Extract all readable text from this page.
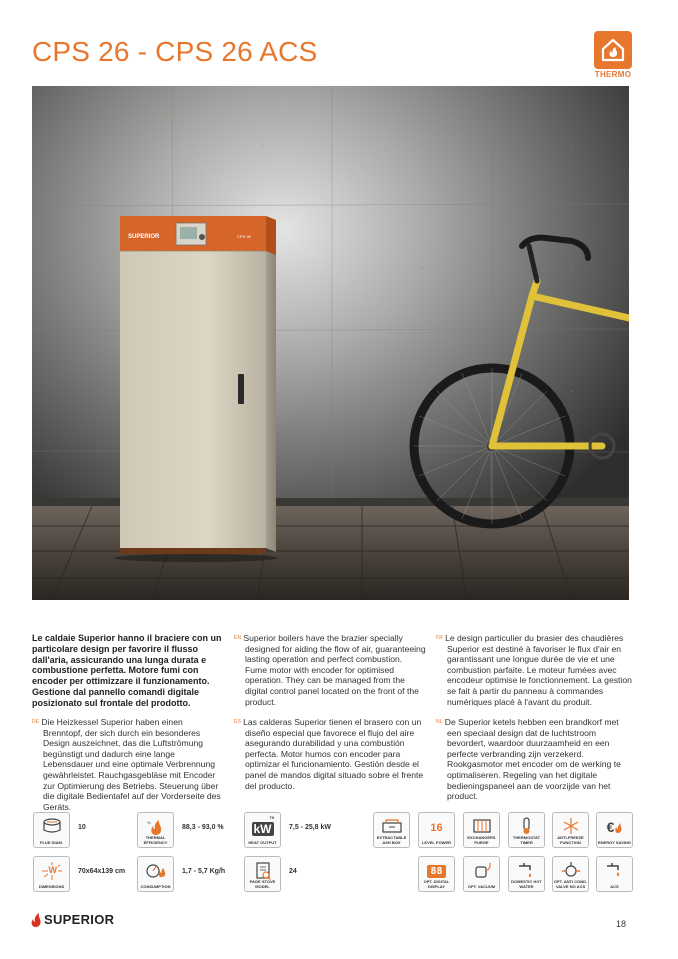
CPS 26 - CPS 26 ACS
THERMO
SUPERIOR	CPS 26
Le caldaie Superior hanno il braciere con un particolare design per favorire il flusso dall'aria, assicurando una lunga durata e combustione perfetta. Motore fumi con encoder per ottimizzare il funzionamento. Gestione dal pannello comandi digitale posizionato sul frontale del prodotto.
$^{DE}$ Die Heizkessel Superior haben einen Brenntopf, der sich durch ein besonderes Design auszeichnet, das die Luftströmung begünstigt und dadurch eine lange Lebensdauer und eine optimale Verbrennung gewährleistet. Rauchgasgebläse mit Encoder zur Optimierung des Betriebs. Steuerung über die digitale Bedientafel auf der Vorderseite des Geräts.
$^{EN}$ Superior boilers have the brazier specially designed for aiding the flow of air, guaranteeing lasting operation and perfect combustion. Fume motor with encoder for optimised operation. They can be managed from the digital control panel located on the front of the product.
$^{ES}$ Las calderas Superior tienen el brasero con un diseño especial que favorece el flujo del aire asegurando durabilidad y una combustión perfecta. Motor humos con encoder para optimizar el funcionamiento. Gestión desde el panel de mandos digital situado sobre el frente del producto.
$^{FR}$ Le design particulier du brasier des chaudières Superior est destiné à favoriser le flux d'air en garantissant une longue durée de vie et une combustion parfaite. Le moteur fumées avec encodeur optimise le fonctionnement. La gestion se fait à partir du panneau à commandes numériques placé à l'avant du produit.
$^{NL}$ De Superior ketels hebben een brandkorf met een speciaal design dat de luchtstroom bevordert, waardoor duurzaamheid en een perfecte verbranding zijn verzekerd. Rookgasmotor met encoder om de werking te optimaliseren. Regeling van het digitale bedieningspaneel aan de voorzijde van het product.
FLUE DIAM.
10
%
THERMAL EFFICIENCY
88,3 - 93,0 %
TK
kW
HEAT OUTPUT
7,5 - 25,8 kW
W
DIMENSIONS
70x64x139 cm
CONSUMPTION
1,7 - 5,7 Kg/h
PAGE STOVE MODEL
24
EXTRACTABLE ASH BOX
16
LEVEL POWER
EXCHANGERS PURGE
THERMOSTAT TIMER
ANTI-FREEZE FUNCTION
€
ENERGY SAVING
88
OPT. DIGITAL DISPLAY	OPT. VACUUM
DOMESTIC HOT WATER
OPT. ANTI COND. VALVE NO ACS	ACS
SUPERIOR	18
